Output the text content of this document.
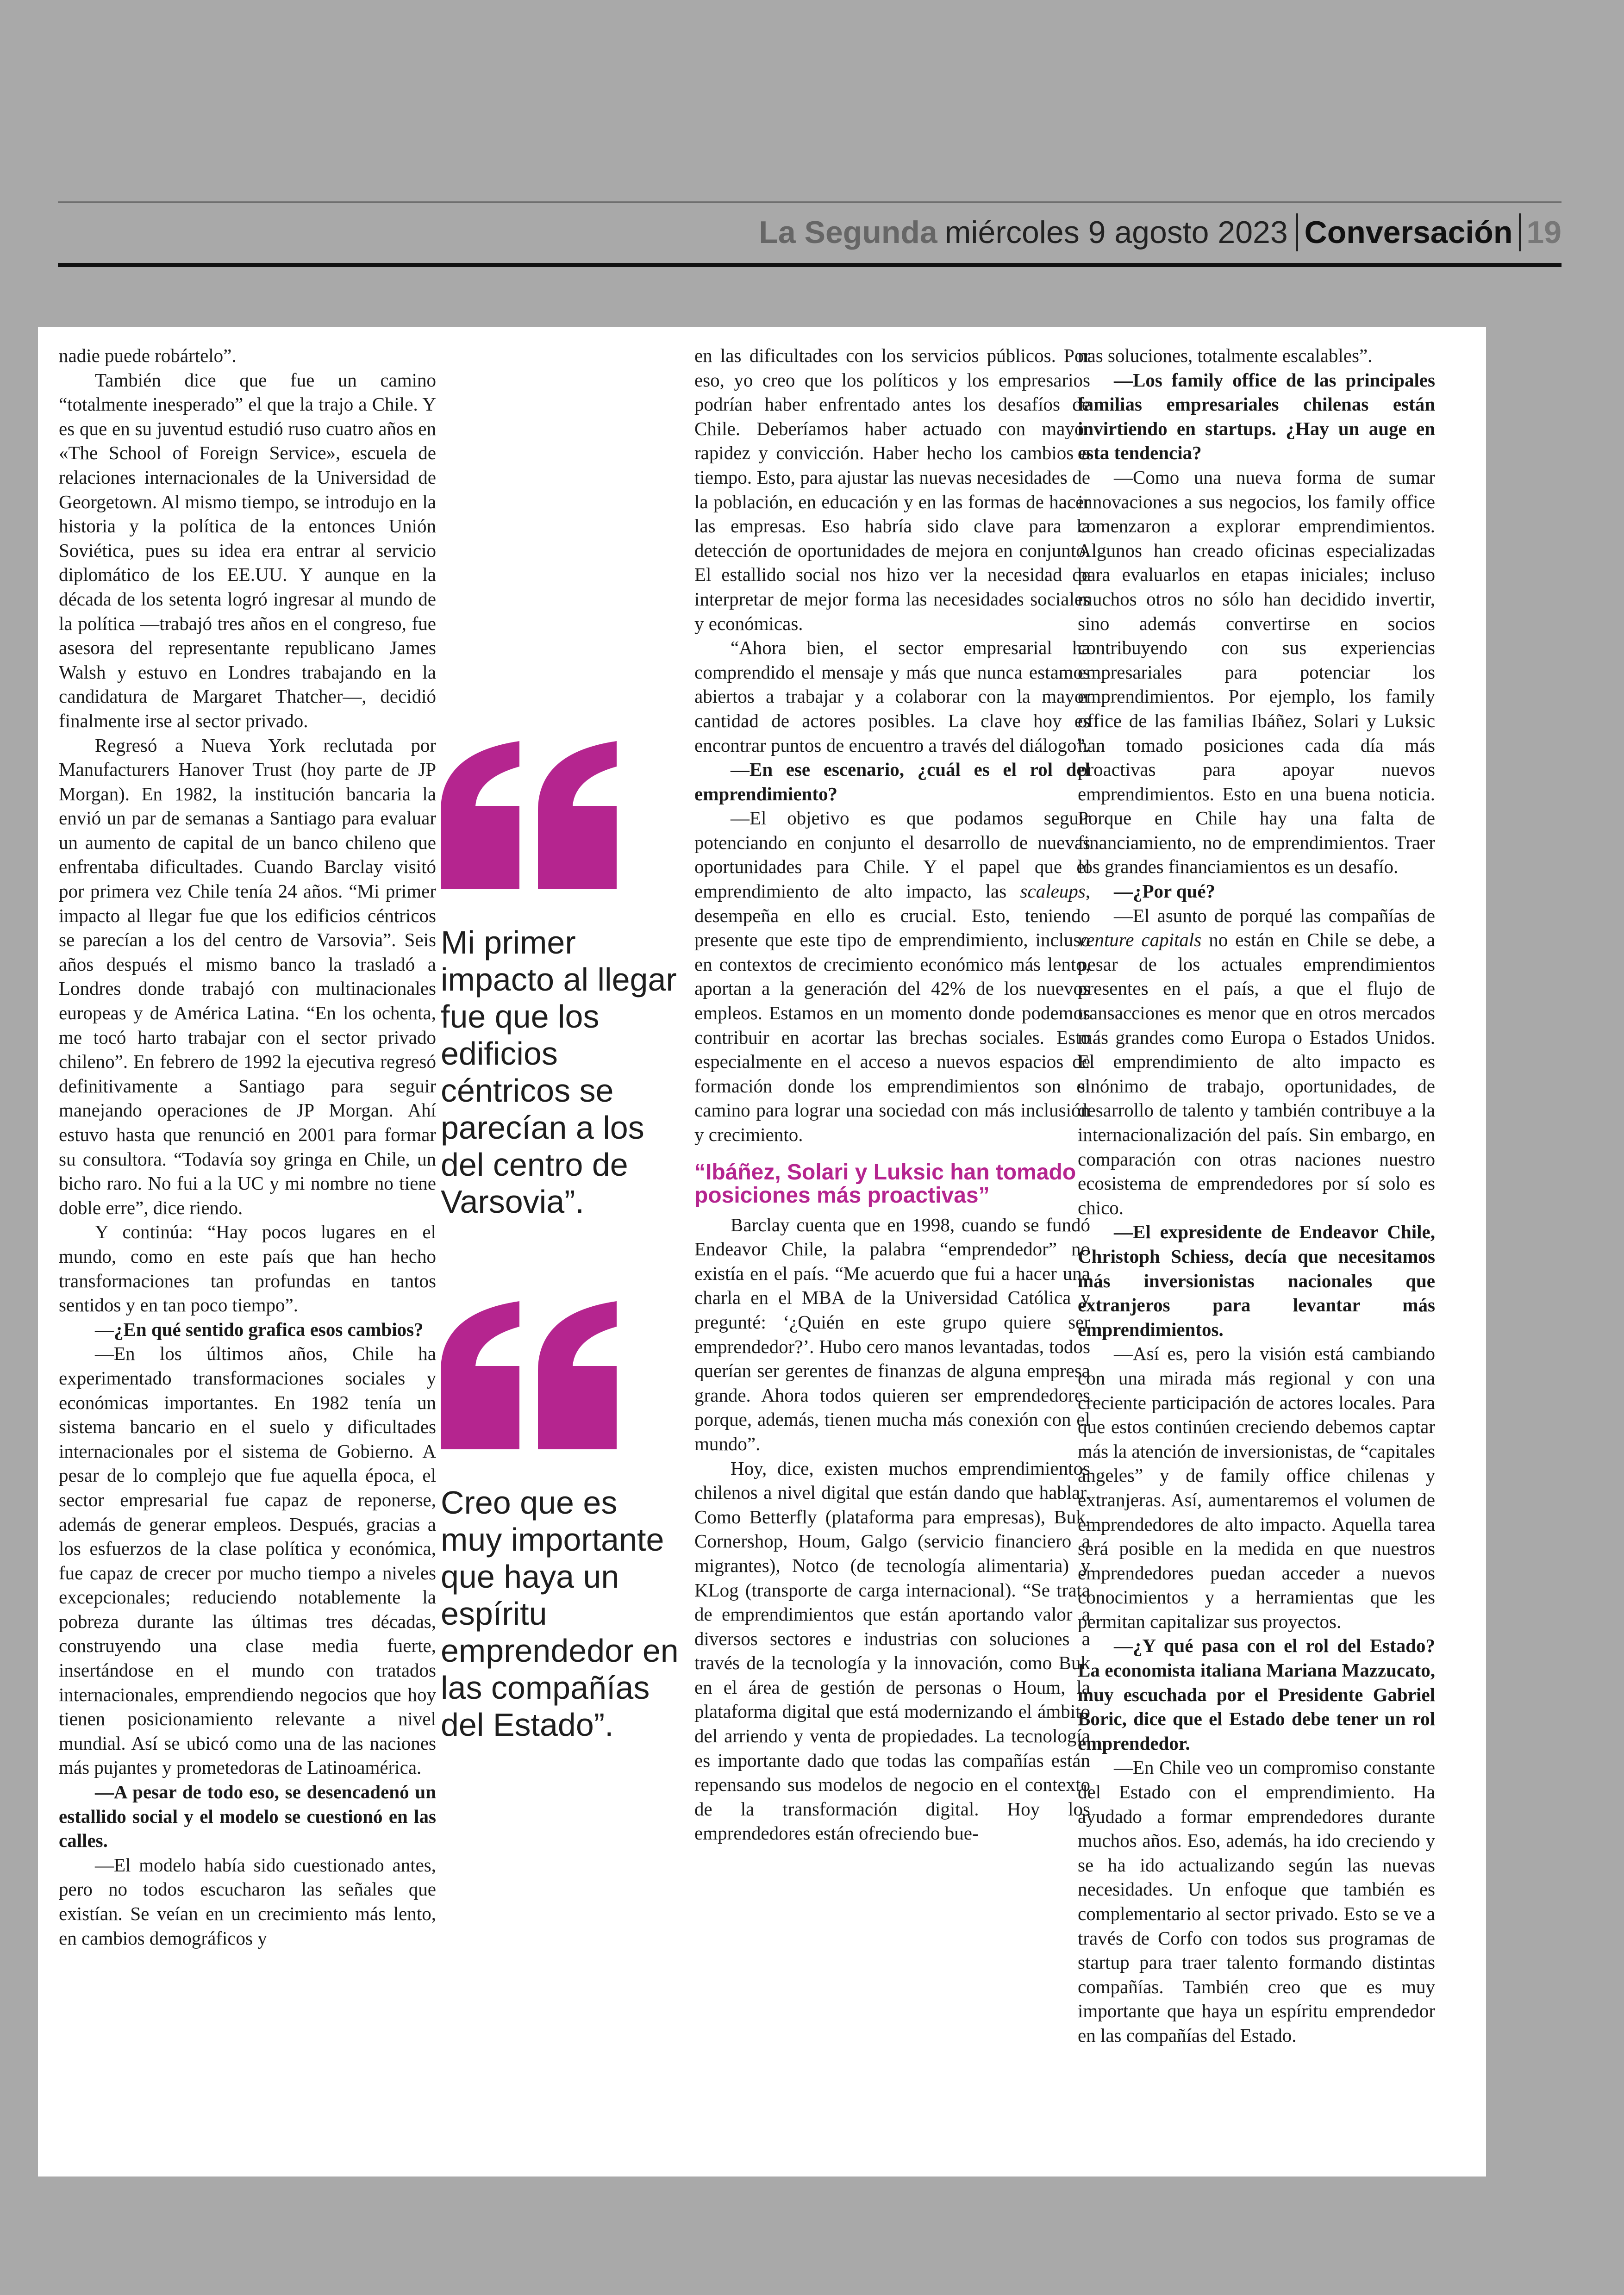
La Segunda miércoles 9 agosto 2023 Conversación 19

nadie puede robártelo”.

También dice que fue un camino “totalmente inesperado” el que la trajo a Chile. Y es que en su juventud estudió ruso cuatro años en «The School of Foreign Service», escuela de relaciones internacionales de la Universidad de Georgetown. Al mismo tiempo, se introdujo en la historia y la política de la entonces Unión Soviética, pues su idea era entrar al servicio diplomático de los EE.UU. Y aunque en la década de los setenta logró ingresar al mundo de la política —trabajó tres años en el congreso, fue asesora del representante republicano James Walsh y estuvo en Londres trabajando en la candidatura de Margaret Thatcher—, decidió finalmente irse al sector privado.

Regresó a Nueva York reclutada por Manufacturers Hanover Trust (hoy parte de JP Morgan). En 1982, la institución bancaria la envió un par de semanas a Santiago para evaluar un aumento de capital de un banco chileno que enfrentaba dificultades. Cuando Barclay visitó por primera vez Chile tenía 24 años. “Mi primer impacto al llegar fue que los edificios céntricos se parecían a los del centro de Varsovia”. Seis años después el mismo banco la trasladó a Londres donde trabajó con multinacionales europeas y de América Latina. “En los ochenta, me tocó harto trabajar con el sector privado chileno”. En febrero de 1992 la ejecutiva regresó definitivamente a Santiago para seguir manejando operaciones de JP Morgan. Ahí estuvo hasta que renunció en 2001 para formar su consultora. “Todavía soy gringa en Chile, un bicho raro. No fui a la UC y mi nombre no tiene doble erre”, dice riendo.

Y continúa: “Hay pocos lugares en el mundo, como en este país que han hecho transformaciones tan profundas en tantos sentidos y en tan poco tiempo”.

—¿En qué sentido grafica esos cambios?

—En los últimos años, Chile ha experimentado transformaciones sociales y económicas importantes. En 1982 tenía un sistema bancario en el suelo y dificultades internacionales por el sistema de Gobierno. A pesar de lo complejo que fue aquella época, el sector empresarial fue capaz de reponerse, además de generar empleos. Después, gracias a los esfuerzos de la clase política y económica, fue capaz de crecer por mucho tiempo a niveles excepcionales; reduciendo notablemente la pobreza durante las últimas tres décadas, construyendo una clase media fuerte, insertándose en el mundo con tratados internacionales, emprendiendo negocios que hoy tienen posicionamiento relevante a nivel mundial. Así se ubicó como una de las naciones más pujantes y prometedoras de Latinoamérica.

—A pesar de todo eso, se desencadenó un estallido social y el modelo se cuestionó en las calles.

—El modelo había sido cuestionado antes, pero no todos escucharon las señales que existían. Se veían en un crecimiento más lento, en cambios demográficos y

Mi primer impacto al llegar fue que los edificios céntricos se parecían a los del centro de Varsovia”.
Creo que es muy importante que haya un espíritu emprendedor en las compañías del Estado”.

en las dificultades con los servicios públicos. Por eso, yo creo que los políticos y los empresarios podrían haber enfrentado antes los desafíos de Chile. Deberíamos haber actuado con mayor rapidez y convicción. Haber hecho los cambios a tiempo. Esto, para ajustar las nuevas necesidades de la población, en educación y en las formas de hacer las empresas. Eso habría sido clave para la detección de oportunidades de mejora en conjunto. El estallido social nos hizo ver la necesidad de interpretar de mejor forma las necesidades sociales y económicas.

“Ahora bien, el sector empresarial ha comprendido el mensaje y más que nunca estamos abiertos a trabajar y a colaborar con la mayor cantidad de actores posibles. La clave hoy es encontrar puntos de encuentro a través del diálogo”.

—En ese escenario, ¿cuál es el rol del emprendimiento?

—El objetivo es que podamos seguir potenciando en conjunto el desarrollo de nuevas oportunidades para Chile. Y el papel que el emprendimiento de alto impacto, las scaleups, desempeña en ello es crucial. Esto, teniendo presente que este tipo de emprendimiento, incluso en contextos de crecimiento económico más lento, aportan a la generación del 42% de los nuevos empleos. Estamos en un momento donde podemos contribuir en acortar las brechas sociales. Esto especialmente en el acceso a nuevos espacios de formación donde los emprendimientos son el camino para lograr una sociedad con más inclusión y crecimiento.

“Ibáñez, Solari y Luksic han tomado posiciones más proactivas”

Barclay cuenta que en 1998, cuando se fundó Endeavor Chile, la palabra “emprendedor” no existía en el país. “Me acuerdo que fui a hacer una charla en el MBA de la Universidad Católica y pregunté: ‘¿Quién en este grupo quiere ser emprendedor?’. Hubo cero manos levantadas, todos querían ser gerentes de finanzas de alguna empresa grande. Ahora todos quieren ser emprendedores porque, además, tienen mucha más conexión con el mundo”.

Hoy, dice, existen muchos emprendimientos chilenos a nivel digital que están dando que hablar. Como Betterfly (plataforma para empresas), Buk, Cornershop, Houm, Galgo (servicio financiero a migrantes), Notco (de tecnología alimentaria) y KLog (transporte de carga internacional). “Se trata de emprendimientos que están aportando valor a diversos sectores e industrias con soluciones a través de la tecnología y la innovación, como Buk en el área de gestión de personas o Houm, la plataforma digital que está modernizando el ámbito del arriendo y venta de propiedades. La tecnología es importante dado que todas las compañías están repensando sus modelos de negocio en el contexto de la transformación digital. Hoy los emprendedores están ofreciendo bue-

nas soluciones, totalmente escalables”.

—Los family office de las principales familias empresariales chilenas están invirtiendo en startups. ¿Hay un auge en esta tendencia?

—Como una nueva forma de sumar innovaciones a sus negocios, los family office comenzaron a explorar emprendimientos. Algunos han creado oficinas especializadas para evaluarlos en etapas iniciales; incluso muchos otros no sólo han decidido invertir, sino además convertirse en socios contribuyendo con sus experiencias empresariales para potenciar los emprendimientos. Por ejemplo, los family office de las familias Ibáñez, Solari y Luksic han tomado posiciones cada día más proactivas para apoyar nuevos emprendimientos. Esto en una buena noticia. Porque en Chile hay una falta de financiamiento, no de emprendimientos. Traer los grandes financiamientos es un desafío.

—¿Por qué?

—El asunto de porqué las compañías de venture capitals no están en Chile se debe, a pesar de los actuales emprendimientos presentes en el país, a que el flujo de transacciones es menor que en otros mercados más grandes como Europa o Estados Unidos. El emprendimiento de alto impacto es sinónimo de trabajo, oportunidades, de desarrollo de talento y también contribuye a la internacionalización del país. Sin embargo, en comparación con otras naciones nuestro ecosistema de emprendedores por sí solo es chico.

—El expresidente de Endeavor Chile, Christoph Schiess, decía que necesitamos más inversionistas nacionales que extranjeros para levantar más emprendimientos.

—Así es, pero la visión está cambiando con una mirada más regional y con una creciente participación de actores locales. Para que estos continúen creciendo debemos captar más la atención de inversionistas, de “capitales ángeles” y de family office chilenas y extranjeras. Así, aumentaremos el volumen de emprendedores de alto impacto. Aquella tarea será posible en la medida en que nuestros emprendedores puedan acceder a nuevos conocimientos y a herramientas que les permitan capitalizar sus proyectos.

—¿Y qué pasa con el rol del Estado? La economista italiana Mariana Mazzucato, muy escuchada por el Presidente Gabriel Boric, dice que el Estado debe tener un rol emprendedor.

—En Chile veo un compromiso constante del Estado con el emprendimiento. Ha ayudado a formar emprendedores durante muchos años. Eso, además, ha ido creciendo y se ha ido actualizando según las nuevas necesidades. Un enfoque que también es complementario al sector privado. Esto se ve a través de Corfo con todos sus programas de startup para traer talento formando distintas compañías. También creo que es muy importante que haya un espíritu emprendedor en las compañías del Estado.
